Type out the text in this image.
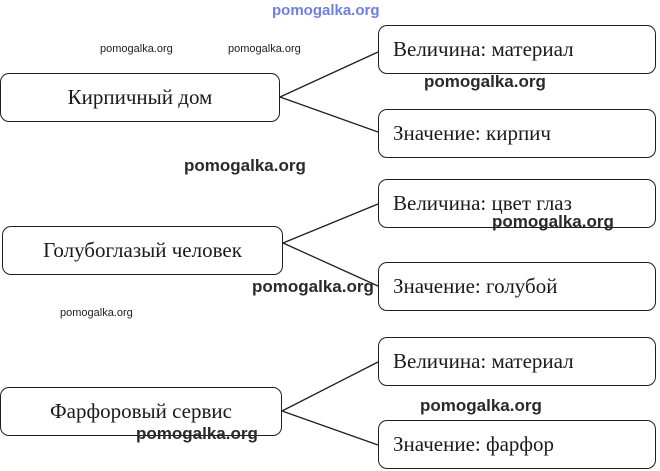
Кирпичный дом
Величина: материал
Значение: кирпич
Голубоглазый человек
Величина: цвет глаз
Значение: голубой
Фарфоровый сервис
Величина: материал
Значение: фарфор
pomogalka.org
pomogalka.org	pomogalka.org
pomogalka.org
pomogalka.org
pomogalka.org
pomogalka.org
pomogalka.org
pomogalka.org
pomogalka.org
